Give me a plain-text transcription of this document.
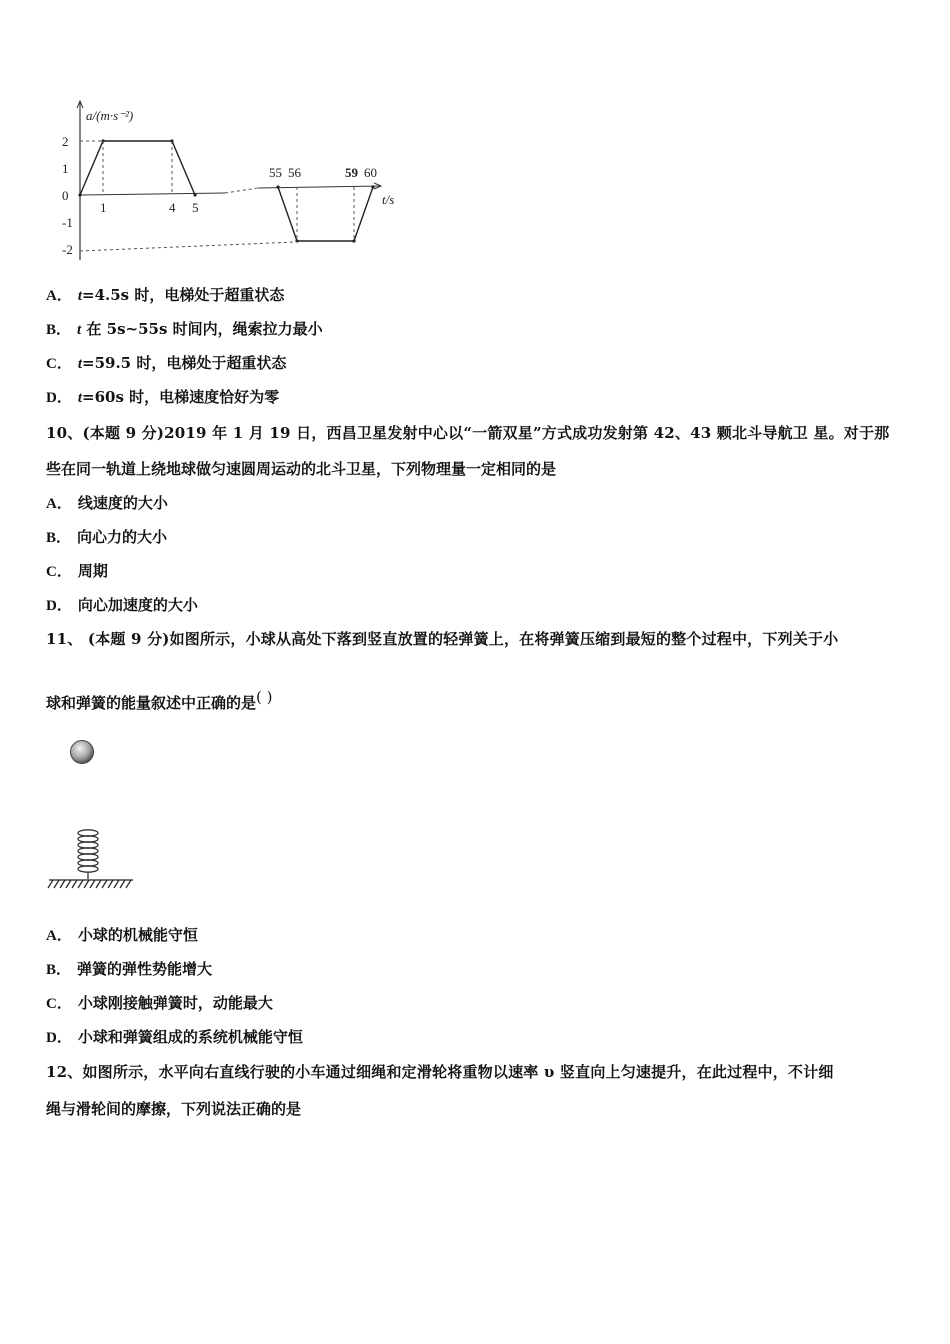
2
1
0
-1
-2
a/(m·s⁻²)
t/s
1	4 5
55 56	59 60
A． t=4.5s 时，电梯处于超重状态
B． t 在 5s~55s 时间内，绳索拉力最小
C． t=59.5 时，电梯处于超重状态
D． t=60s 时，电梯速度恰好为零
10、(本题 9 分)2019 年 1 月 19 日，西昌卫星发射中心以“一箭双星”方式成功发射第 42、43 颗北斗导航卫 星。对于那
些在同一轨道上绕地球做匀速圆周运动的北斗卫星，下列物理量一定相同的是
A． 线速度的大小
B． 向心力的大小
C． 周期
D． 向心加速度的大小
11、 (本题 9 分)如图所示，小球从高处下落到竖直放置的轻弹簧上，在将弹簧压缩到最短的整个过程中，下列关于小
球和弹簧的能量叙述中正确的是( )
A． 小球的机械能守恒
B． 弹簧的弹性势能增大
C． 小球刚接触弹簧时，动能最大
D． 小球和弹簧组成的系统机械能守恒
12、如图所示，水平向右直线行驶的小车通过细绳和定滑轮将重物以速率 υ 竖直向上匀速提升，在此过程中，不计细
绳与滑轮间的摩擦，下列说法正确的是
